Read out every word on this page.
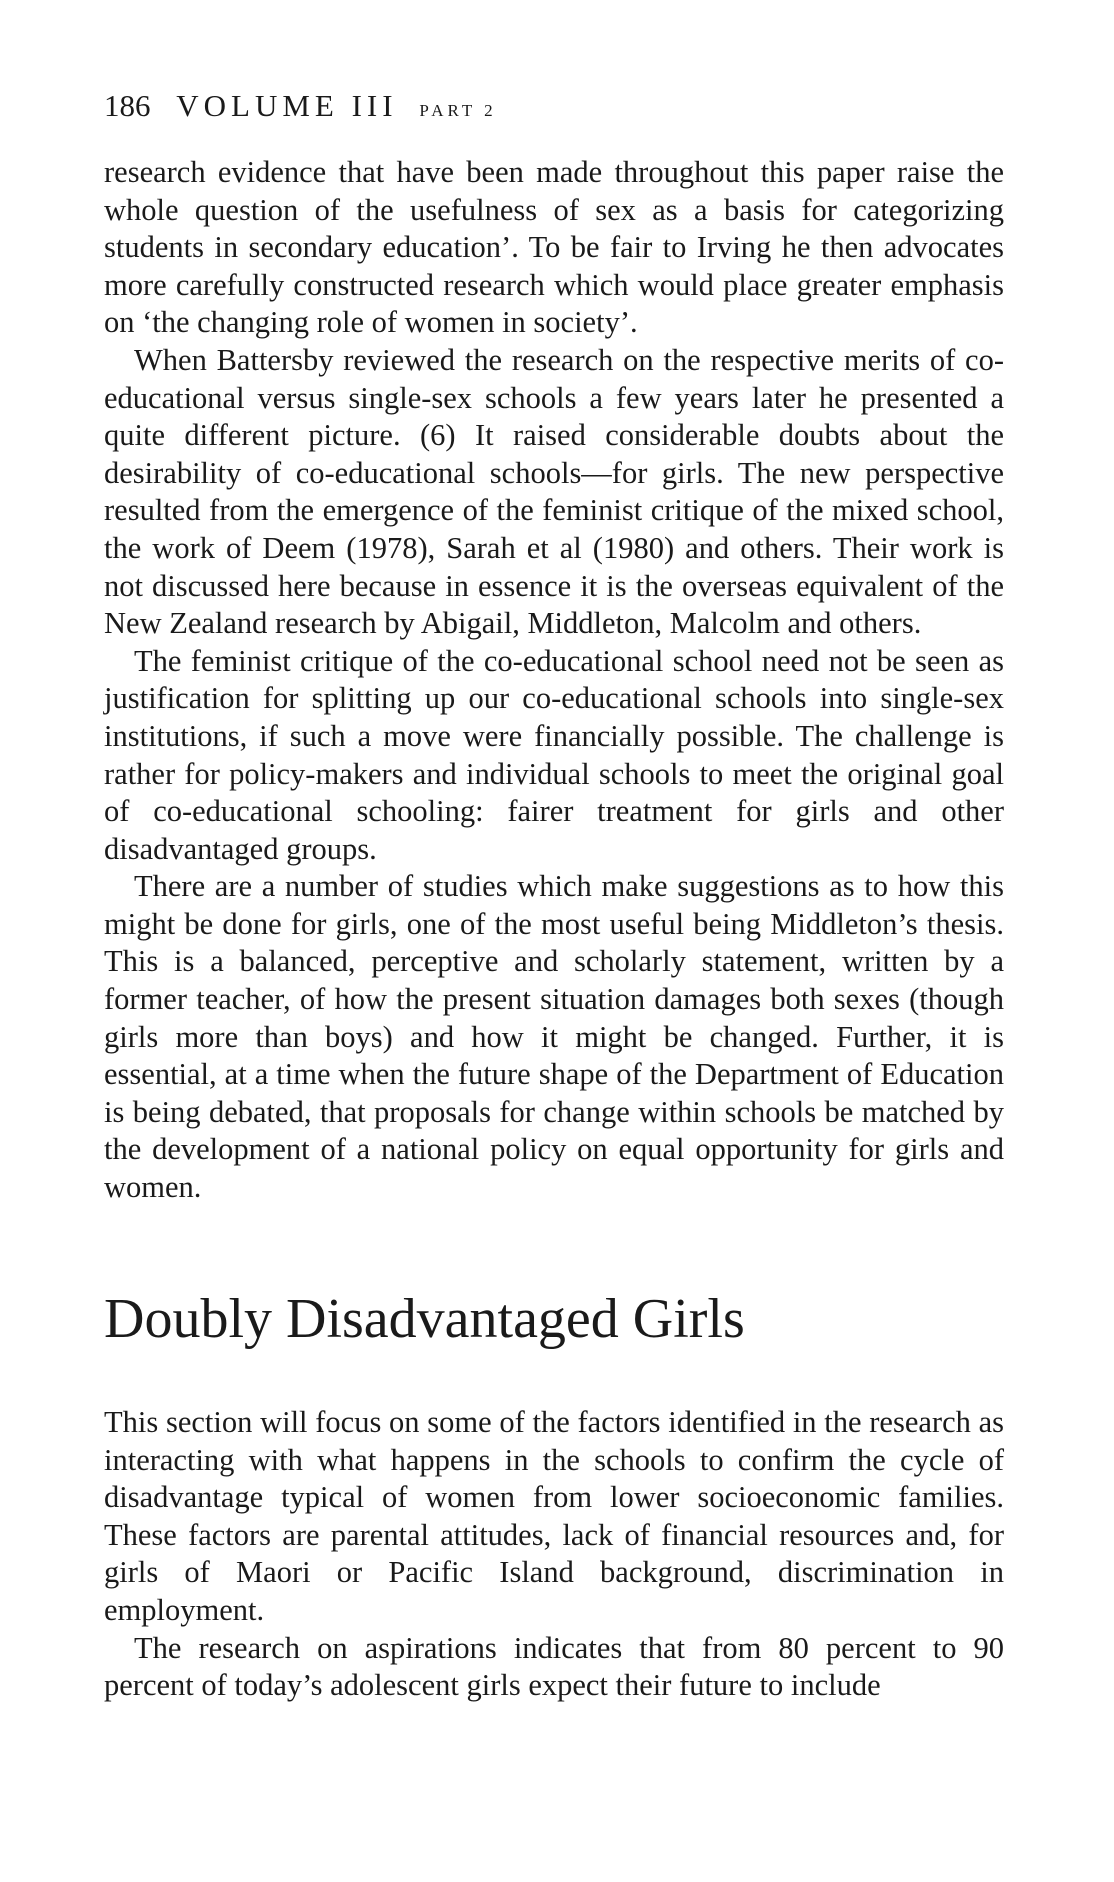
186 VOLUME III PART 2

research evidence that have been made throughout this paper raise the whole question of the usefulness of sex as a basis for categorizing students in secondary education’. To be fair to Irving he then advocates more carefully constructed research which would place greater emphasis on ‘the changing role of women in society’.

When Battersby reviewed the research on the respective merits of co-educational versus single-sex schools a few years later he presented a quite different picture. (6) It raised considerable doubts about the desirability of co-educational schools—for girls. The new perspective resulted from the emergence of the feminist critique of the mixed school, the work of Deem (1978), Sarah et al (1980) and others. Their work is not discussed here because in essence it is the overseas equivalent of the New Zealand research by Abigail, Middleton, Malcolm and others.

The feminist critique of the co-educational school need not be seen as justification for splitting up our co-educational schools into single-sex institutions, if such a move were financially possible. The challenge is rather for policy-makers and individual schools to meet the original goal of co-educational schooling: fairer treatment for girls and other disadvantaged groups.

There are a number of studies which make suggestions as to how this might be done for girls, one of the most useful being Middleton’s thesis. This is a balanced, perceptive and scholarly statement, written by a former teacher, of how the present situation damages both sexes (though girls more than boys) and how it might be changed. Further, it is essential, at a time when the future shape of the Department of Education is being debated, that proposals for change within schools be matched by the development of a national policy on equal opportunity for girls and women.

Doubly Disadvantaged Girls

This section will focus on some of the factors identified in the research as interacting with what happens in the schools to confirm the cycle of disadvantage typical of women from lower socioeconomic families. These factors are parental attitudes, lack of financial resources and, for girls of Maori or Pacific Island background, discrimination in employment.

The research on aspirations indicates that from 80 percent to 90 percent of today’s adolescent girls expect their future to include
